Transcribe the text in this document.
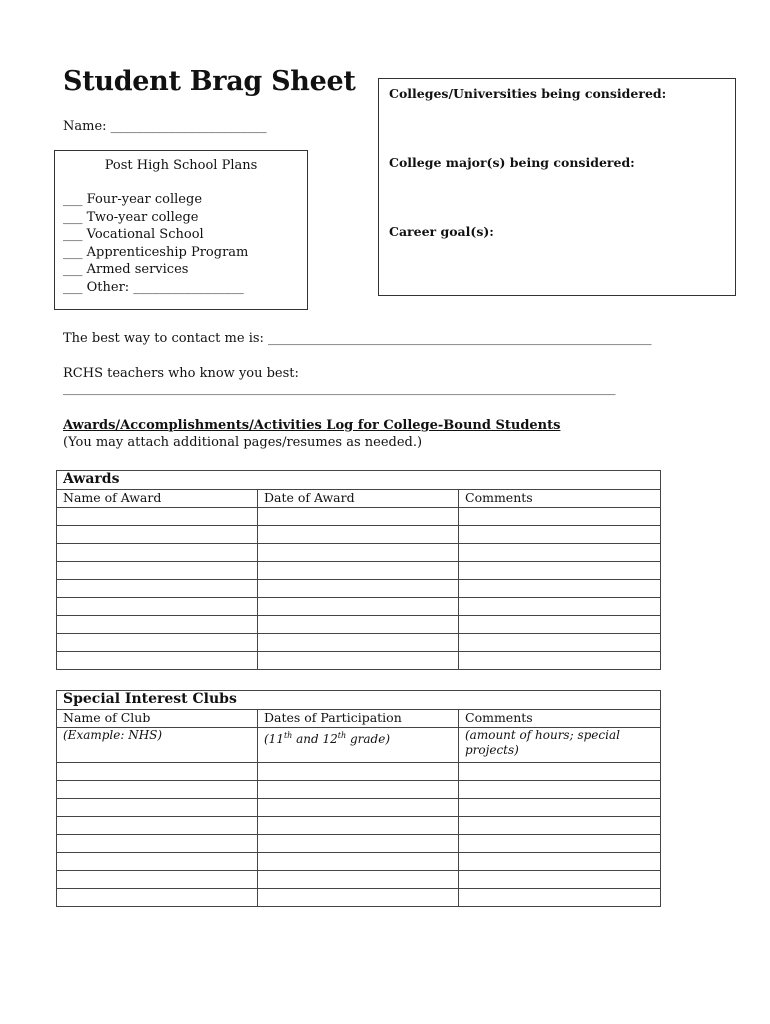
Student Brag Sheet
Name: ________________________
Post High School Plans
___ Four-year college
___ Two-year college
___ Vocational School
___ Apprenticeship Program
___ Armed services
___ Other: _________________
Colleges/Universities being considered:
College major(s) being considered:
Career goal(s):
The best way to contact me is: ___________________________________________________________
RCHS teachers who know you best:
_____________________________________________________________________________________
Awards/Accomplishments/Activities Log for College-Bound Students
(You may attach additional pages/resumes as needed.)
Awards		
Name of Award	Date of Award	Comments

Special Interest Clubs		
Name of Club	Dates of Participation	Comments
(Example: NHS)	(11th and 12th grade)	(amount of hours; special projects)
